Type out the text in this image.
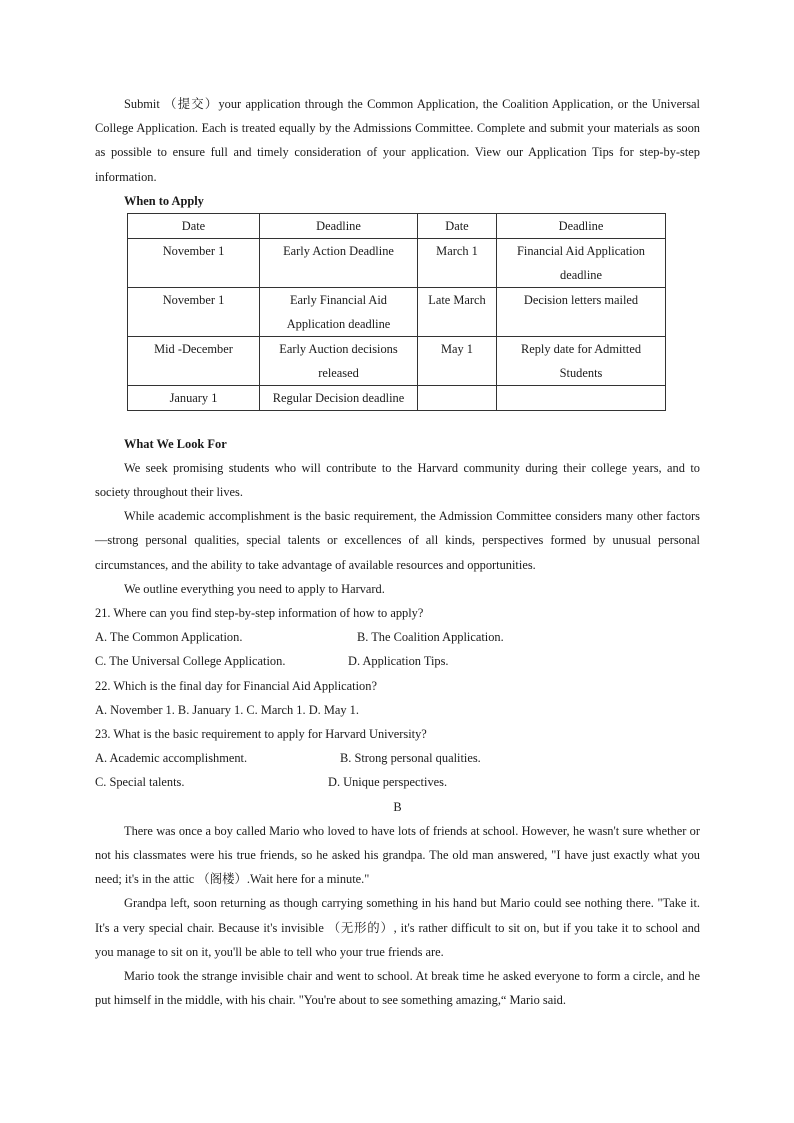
Submit （提交）your application through the Common Application, the Coalition Application, or the Universal College Application. Each is treated equally by the Admissions Committee. Complete and submit your materials as soon as possible to ensure full and timely consideration of your application. View our Application Tips for step-by-step information.

When to Apply
Date	Deadline	Date	Deadline
November 1	Early Action Deadline	March 1	Financial Aid Application deadline
November 1	Early Financial Aid Application deadline	Late March	Decision letters mailed
Mid -December	Early Auction decisions released	May 1	Reply date for Admitted Students
January 1	Regular Decision deadline		
What We Look For

We seek promising students who will contribute to the Harvard community during their college years, and to society throughout their lives.

While academic accomplishment is the basic requirement, the Admission Committee considers many other factors—strong personal qualities, special talents or excellences of all kinds, perspectives formed by unusual personal circumstances, and the ability to take advantage of available resources and opportunities.

We outline everything you need to apply to Harvard.

21. Where can you find step-by-step information of how to apply?

A. The Common Application.	B. The Coalition Application.
C. The Universal College Application.	D. Application Tips.

22. Which is the final day for Financial Aid Application?

A. November 1. B. January 1. C. March 1. D. May 1.

23. What is the basic requirement to apply for Harvard University?

A. Academic accomplishment.	B. Strong personal qualities.
C. Special talents.	D. Unique perspectives.
B

There was once a boy called Mario who loved to have lots of friends at school. However, he wasn't sure whether or not his classmates were his true friends, so he asked his grandpa. The old man answered, "I have just exactly what you need; it's in the attic （阁楼）.Wait here for a minute."

Grandpa left, soon returning as though carrying something in his hand but Mario could see nothing there. "Take it. It's a very special chair. Because it's invisible （无形的）, it's rather difficult to sit on, but if you take it to school and you manage to sit on it, you'll be able to tell who your true friends are.

Mario took the strange invisible chair and went to school. At break time he asked everyone to form a circle, and he put himself in the middle, with his chair. "You're about to see something amazing,“ Mario said.
